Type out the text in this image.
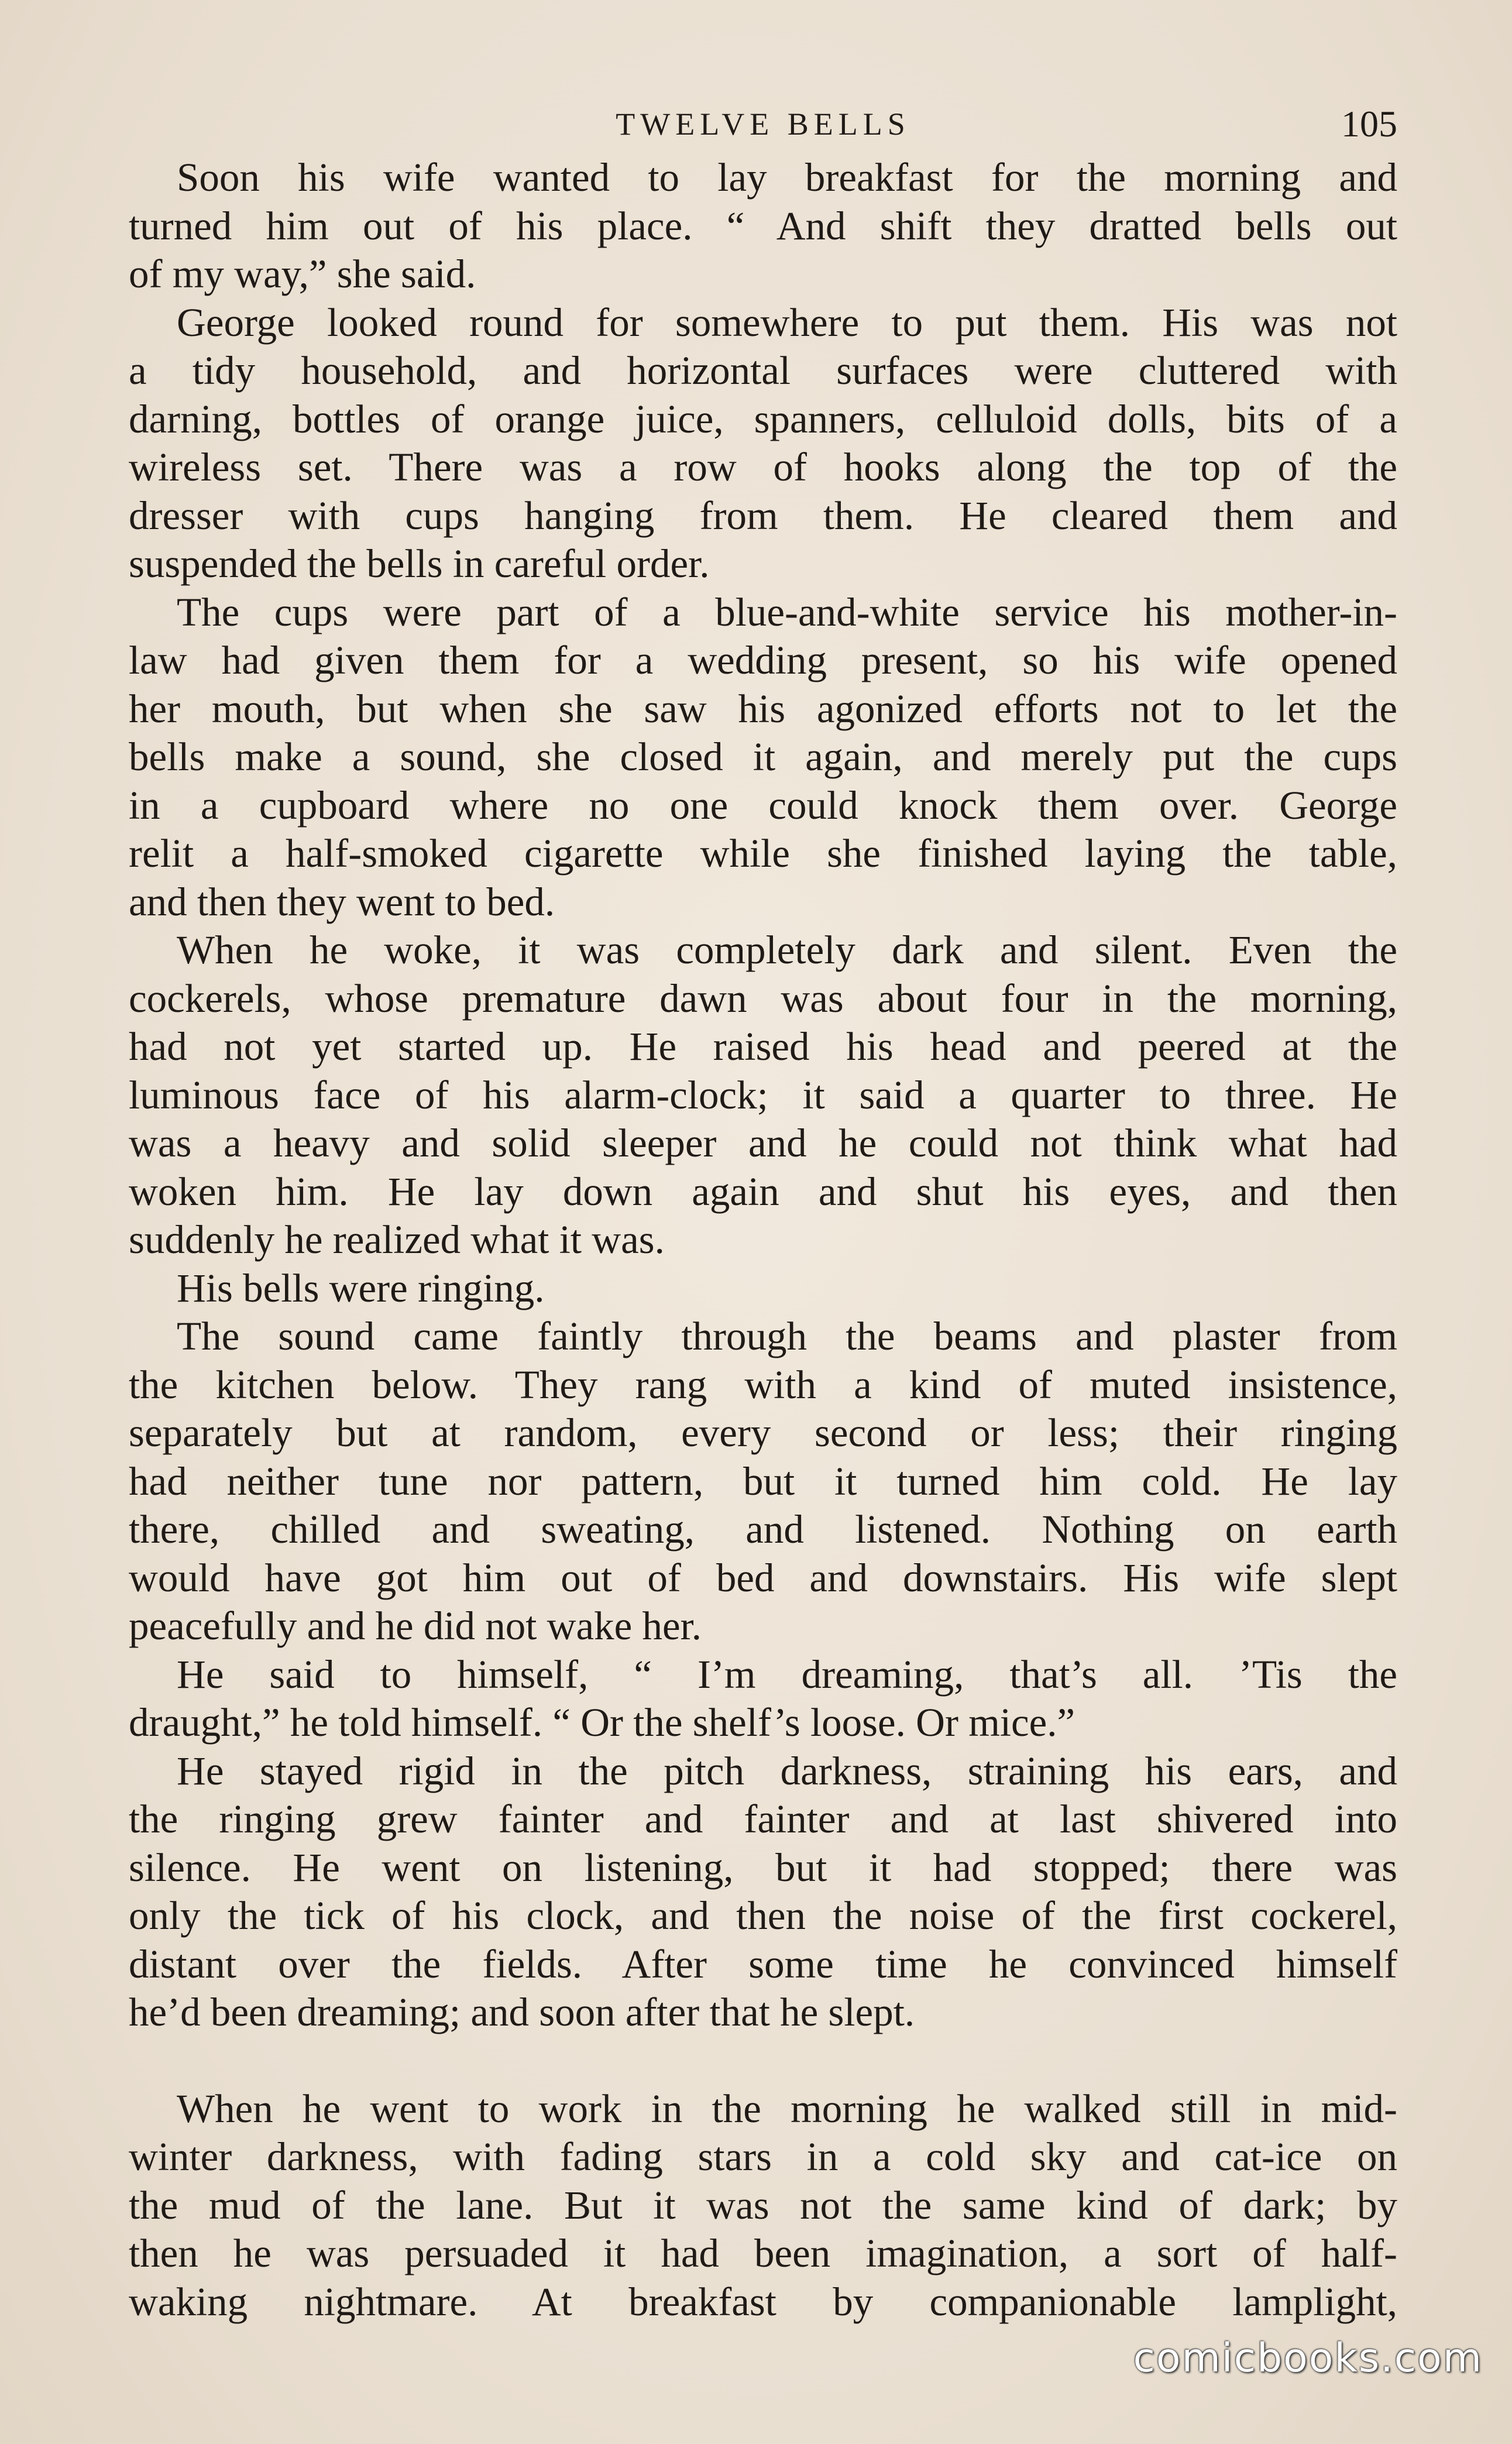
TWELVE BELLS	105
Soon his wife wanted to lay breakfast for the morning and
turned him out of his place. “ And shift they dratted bells out
of my way,” she said.
George looked round for somewhere to put them. His was not
a tidy household, and horizontal surfaces were cluttered with
darning, bottles of orange juice, spanners, celluloid dolls, bits of a
wireless set. There was a row of hooks along the top of the
dresser with cups hanging from them. He cleared them and
suspended the bells in careful order.
The cups were part of a blue-and-white service his mother-in-
law had given them for a wedding present, so his wife opened
her mouth, but when she saw his agonized efforts not to let the
bells make a sound, she closed it again, and merely put the cups
in a cupboard where no one could knock them over. George
relit a half-smoked cigarette while she finished laying the table,
and then they went to bed.
When he woke, it was completely dark and silent. Even the
cockerels, whose premature dawn was about four in the morning,
had not yet started up. He raised his head and peered at the
luminous face of his alarm-clock; it said a quarter to three. He
was a heavy and solid sleeper and he could not think what had
woken him. He lay down again and shut his eyes, and then
suddenly he realized what it was.
His bells were ringing.
The sound came faintly through the beams and plaster from
the kitchen below. They rang with a kind of muted insistence,
separately but at random, every second or less; their ringing
had neither tune nor pattern, but it turned him cold. He lay
there, chilled and sweating, and listened. Nothing on earth
would have got him out of bed and downstairs. His wife slept
peacefully and he did not wake her.
He said to himself, “ I’m dreaming, that’s all. ’Tis the
draught,” he told himself. “ Or the shelf’s loose. Or mice.”
He stayed rigid in the pitch darkness, straining his ears, and
the ringing grew fainter and fainter and at last shivered into
silence. He went on listening, but it had stopped; there was
only the tick of his clock, and then the noise of the first cockerel,
distant over the fields. After some time he convinced himself
he’d been dreaming; and soon after that he slept.
When he went to work in the morning he walked still in mid-
winter darkness, with fading stars in a cold sky and cat-ice on
the mud of the lane. But it was not the same kind of dark; by
then he was persuaded it had been imagination, a sort of half-
waking nightmare. At breakfast by companionable lamplight,
comicbooks.com
